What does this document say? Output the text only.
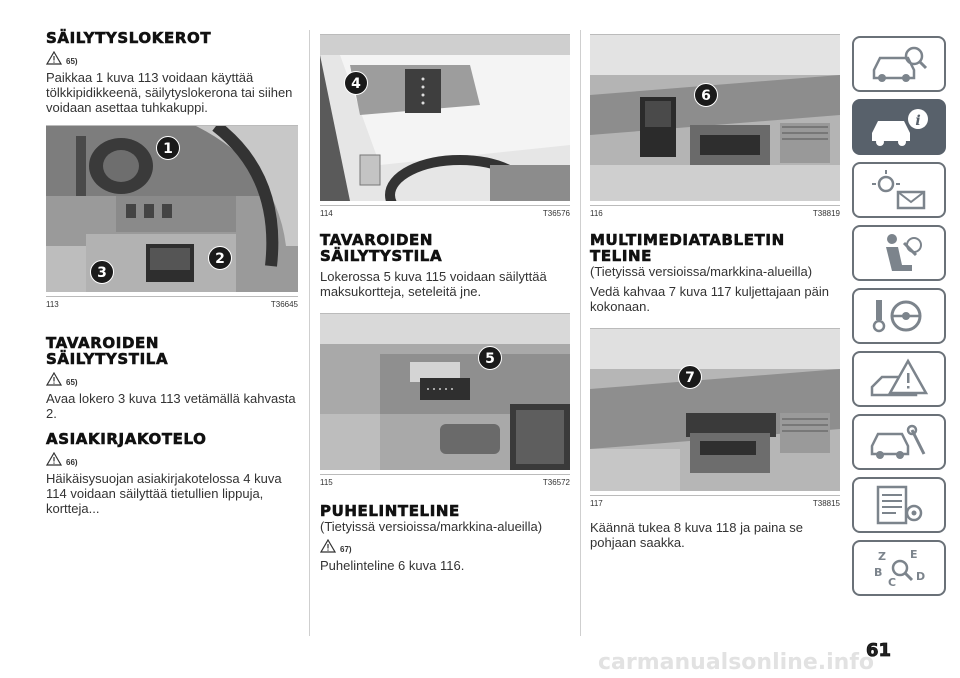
SÄILYTYSLOKEROT
65)

Paikkaa 1 kuva 113 voidaan käyttää tölkkipidikkeenä, säilytyslokerona tai siihen voidaan asettaa tuhkakuppi.

1
2
3
113	T36645
TAVAROIDEN
SÄILYTYSTILA
65)

Avaa lokero 3 kuva 113 vetämällä kahvasta 2.

ASIAKIRJAKOTELO
66)

Häikäisysuojan asiakirjakotelossa 4 kuva 114 voidaan säilyttää tietullien lippuja, kortteja...

4
114	T36576
TAVAROIDEN
SÄILYTYSTILA

Lokerossa 5 kuva 115 voidaan säilyttää maksukortteja, seteleitä jne.

5
115	T36572
PUHELINTELINE

(Tietyissä versioissa/markkina-alueilla)

67)

Puhelinteline 6 kuva 116.

6
116	T38819
MULTIMEDIATABLETIN
TELINE

(Tietyissä versioissa/markkina-alueilla)

Vedä kahvaa 7 kuva 117 kuljettajaan päin kokonaan.

7
117	T38815

Käännä tukea 8 kuva 118 ja paina se pohjaan saakka.

i
Z E
B
C D
carmanualsonline.info
61
